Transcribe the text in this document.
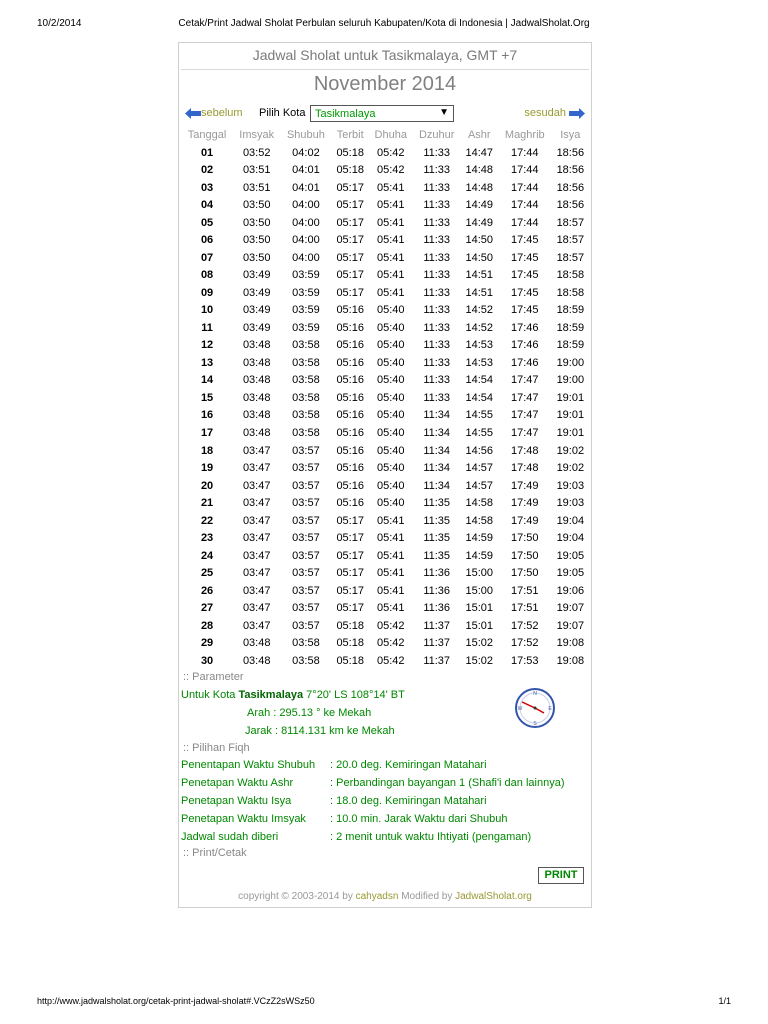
10/2/2014	Cetak/Print Jadwal Sholat Perbulan seluruh Kabupaten/Kota di Indonesia | JadwalSholat.Org
Jadwal Sholat untuk Tasikmalaya, GMT +7
November 2014
sebelum Pilih Kota Tasikmalaya	▼	sesudah
Tanggal	Imsyak	Shubuh	Terbit	Dhuha	Dzuhur	Ashr	Maghrib	Isya
01	03:52	04:02	05:18	05:42	11:33	14:47	17:44	18:56
02	03:51	04:01	05:18	05:42	11:33	14:48	17:44	18:56
03	03:51	04:01	05:17	05:41	11:33	14:48	17:44	18:56
04	03:50	04:00	05:17	05:41	11:33	14:49	17:44	18:56
05	03:50	04:00	05:17	05:41	11:33	14:49	17:44	18:57
06	03:50	04:00	05:17	05:41	11:33	14:50	17:45	18:57
07	03:50	04:00	05:17	05:41	11:33	14:50	17:45	18:57
08	03:49	03:59	05:17	05:41	11:33	14:51	17:45	18:58
09	03:49	03:59	05:17	05:41	11:33	14:51	17:45	18:58
10	03:49	03:59	05:16	05:40	11:33	14:52	17:45	18:59
11	03:49	03:59	05:16	05:40	11:33	14:52	17:46	18:59
12	03:48	03:58	05:16	05:40	11:33	14:53	17:46	18:59
13	03:48	03:58	05:16	05:40	11:33	14:53	17:46	19:00
14	03:48	03:58	05:16	05:40	11:33	14:54	17:47	19:00
15	03:48	03:58	05:16	05:40	11:33	14:54	17:47	19:01
16	03:48	03:58	05:16	05:40	11:34	14:55	17:47	19:01
17	03:48	03:58	05:16	05:40	11:34	14:55	17:47	19:01
18	03:47	03:57	05:16	05:40	11:34	14:56	17:48	19:02
19	03:47	03:57	05:16	05:40	11:34	14:57	17:48	19:02
20	03:47	03:57	05:16	05:40	11:34	14:57	17:49	19:03
21	03:47	03:57	05:16	05:40	11:35	14:58	17:49	19:03
22	03:47	03:57	05:17	05:41	11:35	14:58	17:49	19:04
23	03:47	03:57	05:17	05:41	11:35	14:59	17:50	19:04
24	03:47	03:57	05:17	05:41	11:35	14:59	17:50	19:05
25	03:47	03:57	05:17	05:41	11:36	15:00	17:50	19:05
26	03:47	03:57	05:17	05:41	11:36	15:00	17:51	19:06
27	03:47	03:57	05:17	05:41	11:36	15:01	17:51	19:07
28	03:47	03:57	05:18	05:42	11:37	15:01	17:52	19:07
29	03:48	03:58	05:18	05:42	11:37	15:02	17:52	19:08
30	03:48	03:58	05:18	05:42	11:37	15:02	17:53	19:08
:: Parameter
Untuk Kota Tasikmalaya 7°20' LS 108°14' BT
Arah : 295.13 ° ke Mekah
Jarak : 8114.131 km ke Mekah
N
W	E
S
:: Pilihan Fiqh
Penentapan Waktu Shubuh : 20.0 deg. Kemiringan Matahari
Penetapan Waktu Ashr	: Perbandingan bayangan 1 (Shafi'i dan lainnya)
Penetapan Waktu Isya	: 18.0 deg. Kemiringan Matahari
Penetapan Waktu Imsyak : 10.0 min. Jarak Waktu dari Shubuh
Jadwal sudah diberi	: 2 menit untuk waktu Ihtiyati (pengaman)
:: Print/Cetak
PRINT
copyright © 2003-2014 by cahyadsn Modified by JadwalSholat.org
http://www.jadwalsholat.org/cetak-print-jadwal-sholat#.VCzZ2sWSz50	1/1
